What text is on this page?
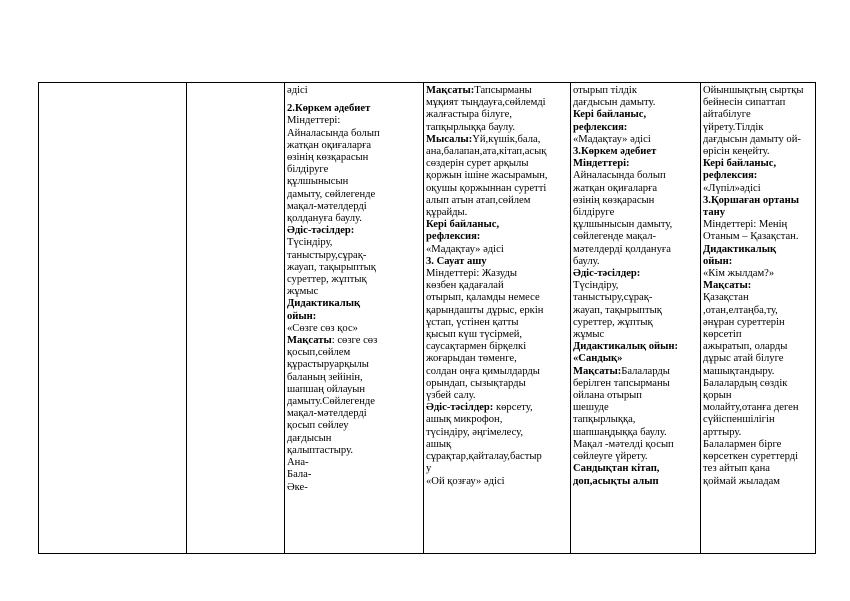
әдісі

2.Көркем әдебиет

Міндеттері:

Айналасында болып

жатқан оқиғаларға

өзінің көзқарасын

білдіруге

құлшынысын

дамыту, сөйлегенде

мақал-мәтелдерді

қолдануға баулу.

Әдіс-тәсілдер:

Түсіндіру,

таныстыру,сұрақ-

жауап, тақырыптық

суреттер, жұптық

жұмыс

Дидактикалық

ойын:

«Сөзге сөз қос»

Мақсаты: сөзге сөз

қосып,сөйлем

құрастыруарқылы

баланың зейінін,

шапшаң ойлауын

дамыту.Сөйлегенде

мақал-мәтелдерді

қосып сөйлеу

дағдысын

қалыптастыру.

Ана-

Бала-

Әке-

Мақсаты:Тапсырманы

мұқият тыңдауға,сөйлемді

жалғастыра білуге,

тапқырлыққа баулу.

Мысалы:Үй,күшік,бала,

ана,балапан,ата,кітап,асық

сөздерін сурет арқылы

қоржын ішіне жасырамын,

оқушы қоржыннан суретті

алып атын атап,сөйлем

құрайды.

Кері байланыс,

рефлексия:

«Мадақтау» әдісі

3. Сауат ашу

Міндеттері: Жазуды

көзбен қадағалай

отырып, қаламды немесе

қарындашты дұрыс, еркін

ұстап, үстінен қатты

қысып күш түсірмей,

саусақтармен бірқелкі

жоғарыдан төменге,

солдан оңға қимылдарды

орындап, сызықтарды

үзбей салу.

Әдіс-тәсілдер: көрсету,

ашық микрофон,

түсіндіру, әңгімелесу,

ашық

сұрақтар,қайталау,бастыр

у

«Ой қозғау» әдісі

отырып тілдік

дағдысын дамыту.

Кері байланыс,

рефлексия:

«Мадақтау» әдісі

3.Көркем әдебиет

Міндеттері:

Айналасында болып

жатқан оқиғаларға

өзінің көзқарасын

білдіруге

құлшынысын дамыту,

сөйлегенде мақал-

мәтелдерді қолдануға

баулу.

Әдіс-тәсілдер:

Түсіндіру,

таныстыру,сұрақ-

жауап, тақырыптық

суреттер, жұптық

жұмыс

Дидактикалық ойын:

«Сандық»

Мақсаты:Балаларды

берілген тапсырманы

ойлана отырып

шешуде

тапқырлыққа,

шапшаңдыққа баулу.

Мақал -мәтелді қосып

сөйлеуге үйрету.

Сандықтан кітап,

доп,асықты алып

Ойыншықтың сыртқы

бейнесін сипаттап

айтабілуге

үйрету.Тілдік

дағдысын дамыту ой-

өрісін кеңейту.

Кері байланыс,

рефлексия:

«Лүпіл»әдісі

3.Қоршаған ортаны

тану

Міндеттері: Менің

Отаным – Қазақстан.

Дидактикалық

ойын:

«Кім жылдам?»

Мақсаты:

Қазақстан

,отан,елтаңба,ту,

әнұран суреттерін

көрсетіп

ажыратып, оларды

дұрыс атай білуге

машықтандыру.

Балалардың сөздік

қорын

молайту,отанға деген

сүйіспеншілігін

арттыру.

Балалармен бірге

көрсеткен суреттерді

тез айтып қана

қоймай жыладам
